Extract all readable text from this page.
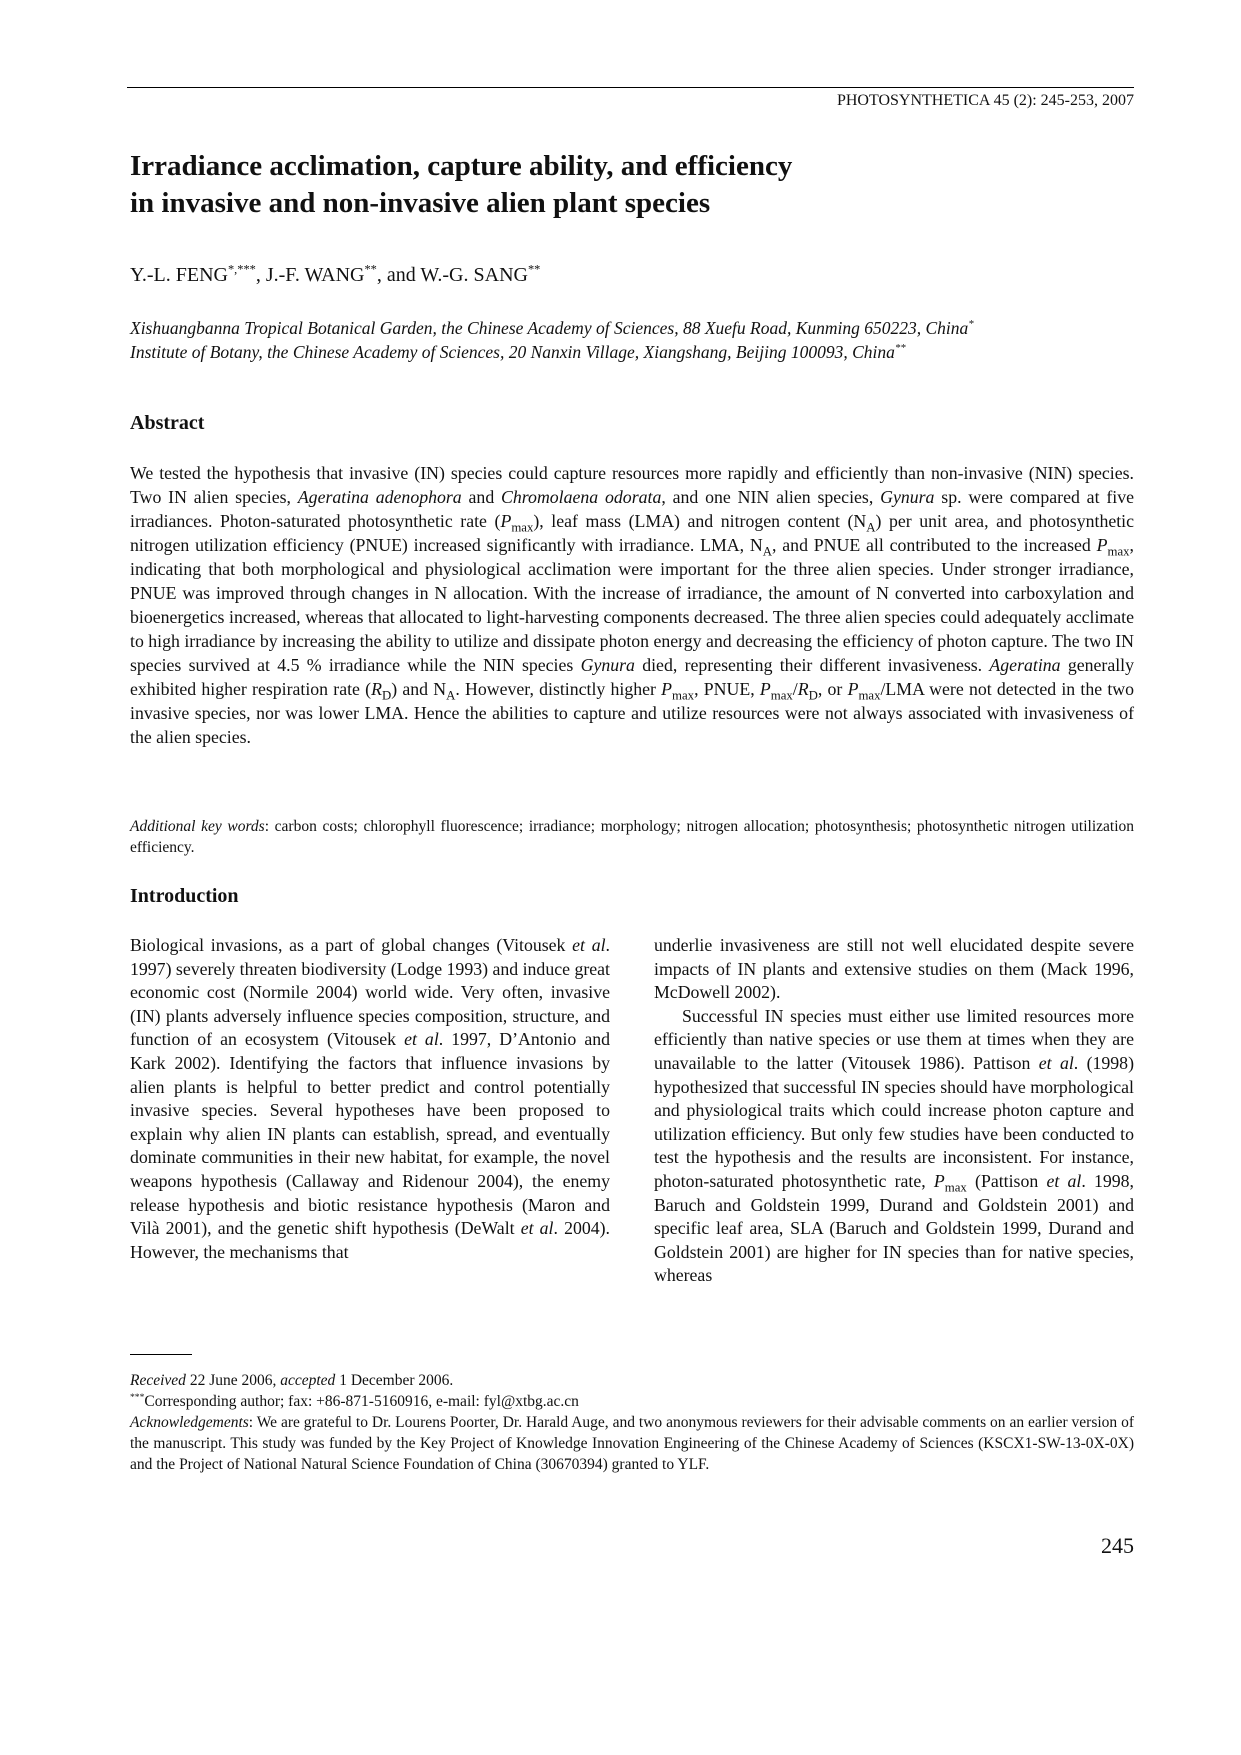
PHOTOSYNTHETICA 45 (2): 245-253, 2007
Irradiance acclimation, capture ability, and efficiency
in invasive and non-invasive alien plant species
Y.-L. FENG*,***, J.-F. WANG**, and W.-G. SANG**
Xishuangbanna Tropical Botanical Garden, the Chinese Academy of Sciences, 88 Xuefu Road, Kunming 650223, China*
Institute of Botany, the Chinese Academy of Sciences, 20 Nanxin Village, Xiangshang, Beijing 100093, China**
Abstract

We tested the hypothesis that invasive (IN) species could capture resources more rapidly and efficiently than non-invasive (NIN) species. Two IN alien species, Ageratina adenophora and Chromolaena odorata, and one NIN alien species, Gynura sp. were compared at five irradiances. Photon-saturated photosynthetic rate $(P_{max})$, leaf mass (LMA) and nitrogen content $(N_A)$ per unit area, and photosynthetic nitrogen utilization efficiency (PNUE) increased significantly with irradiance. LMA, $N_A$, and PNUE all contributed to the increased $P_{max}$, indicating that both morphological and physiological acclimation were important for the three alien species. Under stronger irradiance, PNUE was improved through changes in N allocation. With the increase of irradiance, the amount of N converted into carboxylation and bioenergetics increased, whereas that allocated to light-harvesting components decreased. The three alien species could adequately acclimate to high irradiance by increasing the ability to utilize and dissipate photon energy and decreasing the efficiency of photon capture. The two IN species survived at 4.5 % irradiance while the NIN species Gynura died, representing their different invasiveness. Ageratina generally exhibited higher respiration rate $(R_D)$ and $N_A$. However, distinctly higher $P_{max}$, PNUE, $P_{max}/R_D$, or $P_{max}$/LMA were not detected in the two invasive species, nor was lower LMA. Hence the abilities to capture and utilize resources were not always associated with invasiveness of the alien species.

Additional key words: carbon costs; chlorophyll fluorescence; irradiance; morphology; nitrogen allocation; photosynthesis; photosynthetic nitrogen utilization efficiency.

Introduction

Biological invasions, as a part of global changes (Vitousek et al. 1997) severely threaten biodiversity (Lodge 1993) and induce great economic cost (Normile 2004) world wide. Very often, invasive (IN) plants adversely influence species composition, structure, and function of an ecosystem (Vitousek et al. 1997, D’Antonio and Kark 2002). Identifying the factors that influence invasions by alien plants is helpful to better predict and control potentially invasive species. Several hypotheses have been proposed to explain why alien IN plants can establish, spread, and eventually dominate communities in their new habitat, for example, the novel weapons hypothesis (Callaway and Ridenour 2004), the enemy release hypothesis and biotic resistance hypothesis (Maron and Vilà 2001), and the genetic shift hypothesis (DeWalt et al. 2004). However, the mechanisms that

underlie invasiveness are still not well elucidated despite severe impacts of IN plants and extensive studies on them (Mack 1996, McDowell 2002).

Successful IN species must either use limited resources more efficiently than native species or use them at times when they are unavailable to the latter (Vitousek 1986). Pattison et al. (1998) hypothesized that successful IN species should have morphological and physiological traits which could increase photon capture and utilization efficiency. But only few studies have been conducted to test the hypothesis and the results are inconsistent. For instance, photon-saturated photosynthetic rate, $P_{max}$ (Pattison et al. 1998, Baruch and Goldstein 1999, Durand and Goldstein 2001) and specific leaf area, SLA (Baruch and Goldstein 1999, Durand and Goldstein 2001) are higher for IN species than for native species, whereas

Received 22 June 2006, accepted 1 December 2006.

***Corresponding author; fax: +86-871-5160916, e-mail: fyl@xtbg.ac.cn

Acknowledgements: We are grateful to Dr. Lourens Poorter, Dr. Harald Auge, and two anonymous reviewers for their advisable comments on an earlier version of the manuscript. This study was funded by the Key Project of Knowledge Innovation Engineering of the Chinese Academy of Sciences (KSCX1-SW-13-0X-0X) and the Project of National Natural Science Foundation of China (30670394) granted to YLF.

245
